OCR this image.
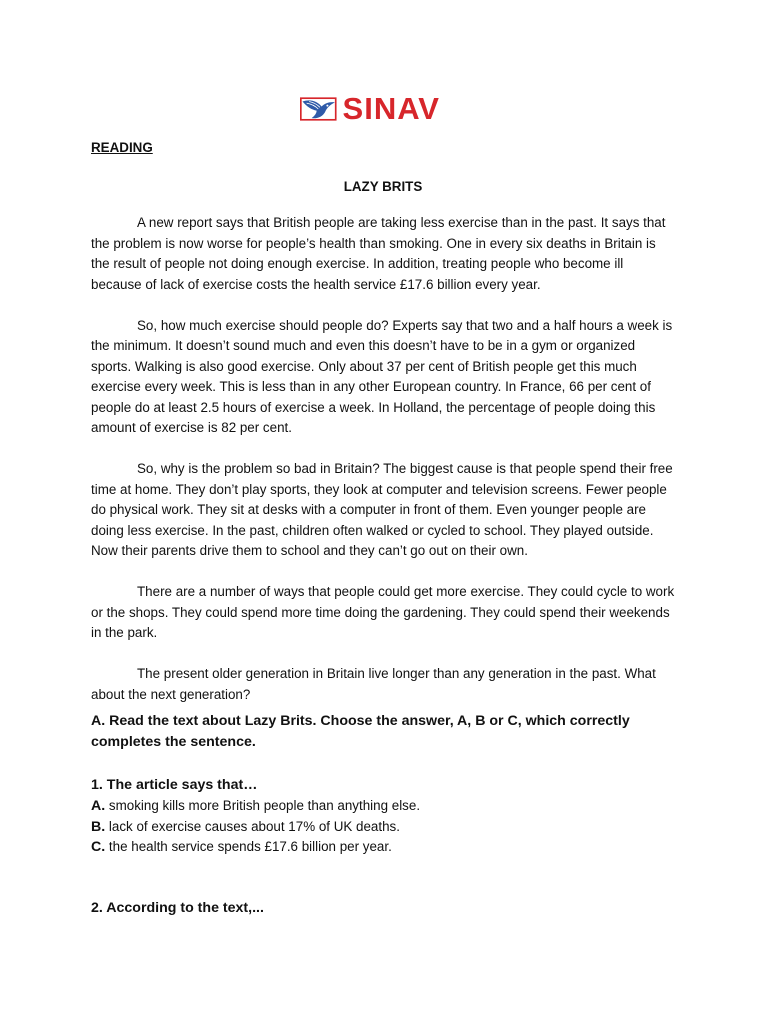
SINAV

READING

LAZY BRITS

A new report says that British people are taking less exercise than in the past. It says that the problem is now worse for people’s health than smoking. One in every six deaths in Britain is the result of people not doing enough exercise. In addition, treating people who become ill because of lack of exercise costs the health service £17.6 billion every year.

So, how much exercise should people do? Experts say that two and a half hours a week is the minimum. It doesn’t sound much and even this doesn’t have to be in a gym or organized sports. Walking is also good exercise. Only about 37 per cent of British people get this much exercise every week. This is less than in any other European country. In France, 66 per cent of people do at least 2.5 hours of exercise a week. In Holland, the percentage of people doing this amount of exercise is 82 per cent.

So, why is the problem so bad in Britain? The biggest cause is that people spend their free time at home. They don’t play sports, they look at computer and television screens. Fewer people do physical work. They sit at desks with a computer in front of them. Even younger people are doing less exercise. In the past, children often walked or cycled to school. They played outside. Now their parents drive them to school and they can’t go out on their own.

There are a number of ways that people could get more exercise. They could cycle to work or the shops. They could spend more time doing the gardening. They could spend their weekends in the park.

The present older generation in Britain live longer than any generation in the past. What about the next generation?

A. Read the text about Lazy Brits. Choose the answer, A, B or C, which correctly completes the sentence.

1. The article says that…

A. smoking kills more British people than anything else.

B. lack of exercise causes about 17% of UK deaths.

C. the health service spends £17.6 billion per year.

2. According to the text,...
